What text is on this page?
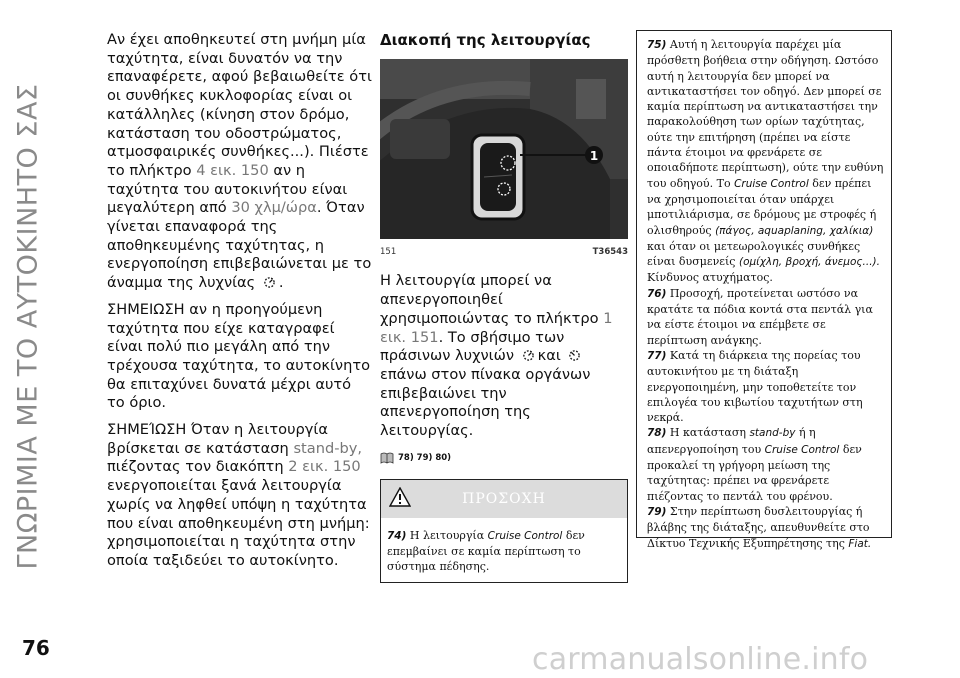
ΓΝΩΡΙΜΙΑ ΜΕ ΤΟ ΑΥΤΟΚΙΝΗΤΟ ΣΑΣ

Αν έχει αποθηκευτεί στη μνήμη μία ταχύτητα, είναι δυνατόν να την επαναφέρετε, αφού βεβαιωθείτε ότι οι συνθήκες κυκλοφορίας είναι οι κατάλληλες (κίνηση στον δρόμο, κατάσταση του οδοστρώματος, ατμοσφαιρικές συνθήκες...). Πιέστε το πλήκτρο 4 εικ. 150 αν η ταχύτητα του αυτοκινήτου είναι μεγαλύτερη από 30 χλμ/ώρα. Όταν γίνεται επαναφορά της αποθηκευμένης ταχύτητας, η ενεργοποίηση επιβεβαιώνεται με το άναμμα της λυχνίας .

ΣΗΜΕΙΩΣΗ αν η προηγούμενη ταχύτητα που είχε καταγραφεί είναι πολύ πιο μεγάλη από την τρέχουσα ταχύτητα, το αυτοκίνητο θα επιταχύνει δυνατά μέχρι αυτό το όριο.

ΣΗΜΕΊΩΣΗ Όταν η λειτουργία βρίσκεται σε κατάσταση stand-by, πιέζοντας τον διακόπτη 2 εικ. 150 ενεργοποιείται ξανά λειτουργία χωρίς να ληφθεί υπόψη η ταχύτητα που είναι αποθηκευμένη στη μνήμη: χρησιμοποιείται η ταχύτητα στην οποία ταξιδεύει το αυτοκίνητο.

Διακοπή της λειτουργίας
1
151	T36543

Η λειτουργία μπορεί να απενεργοποιηθεί χρησιμοποιώντας το πλήκτρο 1 εικ. 151. Το σβήσιμο των πράσινων λυχνιών και επάνω στον πίνακα οργάνων επιβεβαιώνει την απενεργοποίηση της λειτουργίας.

78) 79) 80)
ΠΡΟΣΟΧΗ
74) Η λειτουργία Cruise Control δεν επεμβαίνει σε καμία περίπτωση το σύστημα πέδησης.

75) Αυτή η λειτουργία παρέχει μία πρόσθετη βοήθεια στην οδήγηση. Ωστόσο αυτή η λειτουργία δεν μπορεί να αντικαταστήσει τον οδηγό. Δεν μπορεί σε καμία περίπτωση να αντικαταστήσει την παρακολούθηση των ορίων ταχύτητας, ούτε την επιτήρηση (πρέπει να είστε πάντα έτοιμοι να φρενάρετε σε οποιαδήποτε περίπτωση), ούτε την ευθύνη του οδηγού. Το Cruise Control δεν πρέπει να χρησιμοποιείται όταν υπάρχει μποτιλιάρισμα, σε δρόμους με στροφές ή ολισθηρούς (πάγος, aquaplaning, χαλίκια) και όταν οι μετεωρολογικές συνθήκες είναι δυσμενείς (ομίχλη, βροχή, άνεμος...). Κίνδυνος ατυχήματος.

76) Προσοχή, προτείνεται ωστόσο να κρατάτε τα πόδια κοντά στα πεντάλ για να είστε έτοιμοι να επέμβετε σε περίπτωση ανάγκης.

77) Κατά τη διάρκεια της πορείας του αυτοκινήτου με τη διάταξη ενεργοποιημένη, μην τοποθετείτε τον επιλογέα του κιβωτίου ταχυτήτων στη νεκρά.

78) Η κατάσταση stand-by ή η απενεργοποίηση του Cruise Control δεν προκαλεί τη γρήγορη μείωση της ταχύτητας: πρέπει να φρενάρετε πιέζοντας το πεντάλ του φρένου.

79) Στην περίπτωση δυσλειτουργίας ή βλάβης της διάταξης, απευθυνθείτε στο Δίκτυο Τεχνικής Εξυπηρέτησης της Fiat.

76	carmanualsonline.info
